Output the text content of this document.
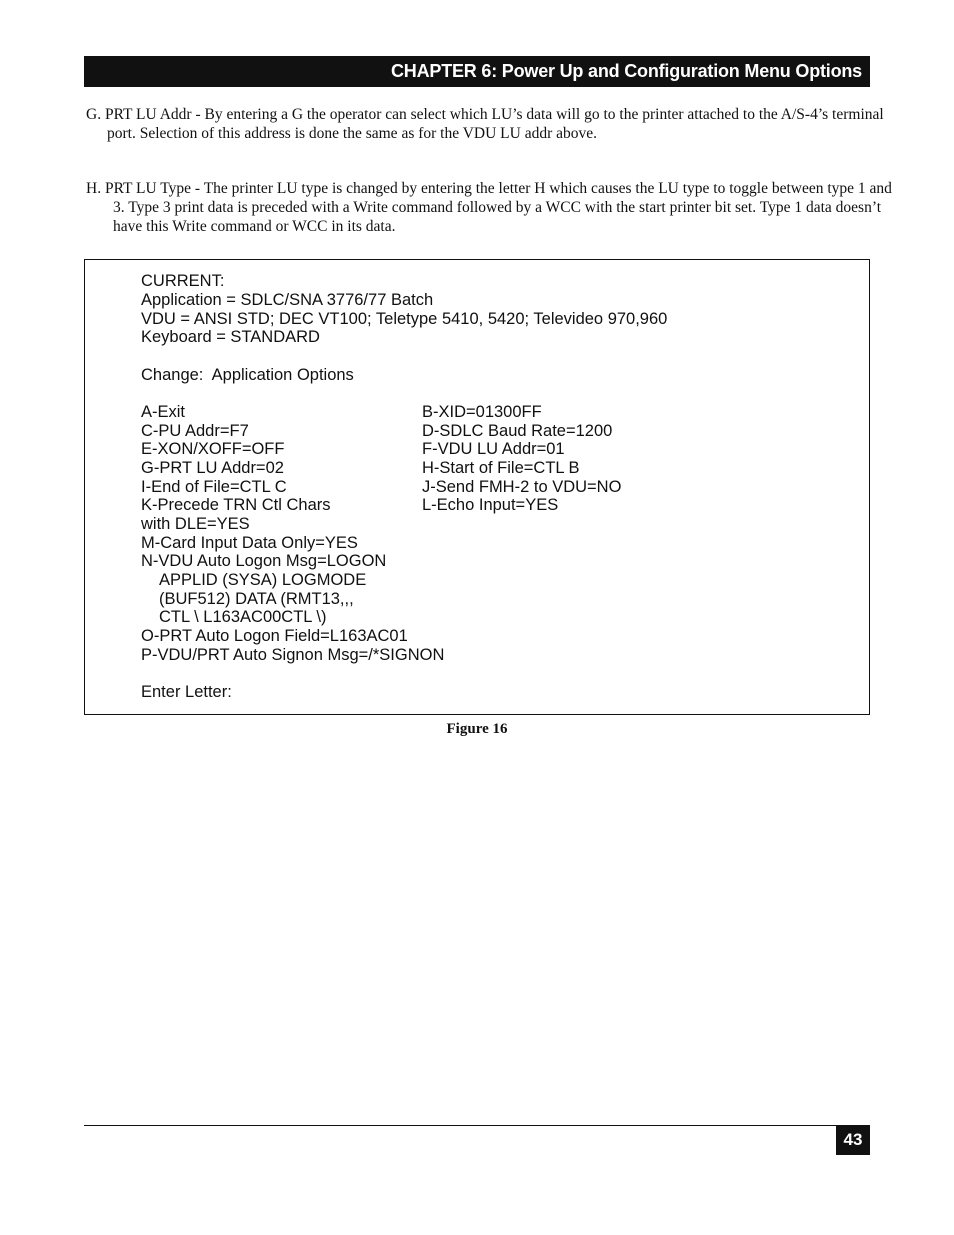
CHAPTER 6: Power Up and Configuration Menu Options

G. PRT LU Addr - By entering a G the operator can select which LU’s data will go to the printer attached to the A/S-4’s terminal port. Selection of this address is done the same as for the VDU LU addr above.

H. PRT LU Type - The printer LU type is changed by entering the letter H which causes the LU type to toggle between type 1 and 3. Type 3 print data is preceded with a Write command followed by a WCC with the start printer bit set. Type 1 data doesn’t have this Write command or WCC in its data.

CURRENT:
Application = SDLC/SNA 3776/77 Batch
VDU = ANSI STD; DEC VT100; Teletype 5410, 5420; Televideo 970,960
Keyboard = STANDARD
Change:  Application Options
A-Exit	B-XID=01300FF
C-PU Addr=F7	D-SDLC Baud Rate=1200
E-XON/XOFF=OFF	F-VDU LU Addr=01
G-PRT LU Addr=02	H-Start of File=CTL B
I-End of File=CTL C	J-Send FMH-2 to VDU=NO
K-Precede TRN Ctl Chars	L-Echo Input=YES
with DLE=YES
M-Card Input Data Only=YES
N-VDU Auto Logon Msg=LOGON
APPLID (SYSA) LOGMODE
(BUF512) DATA (RMT13,,,
CTL \ L163AC00CTL \)
O-PRT Auto Logon Field=L163AC01
P-VDU/PRT Auto Signon Msg=/*SIGNON
Enter Letter:
Figure 16
43
